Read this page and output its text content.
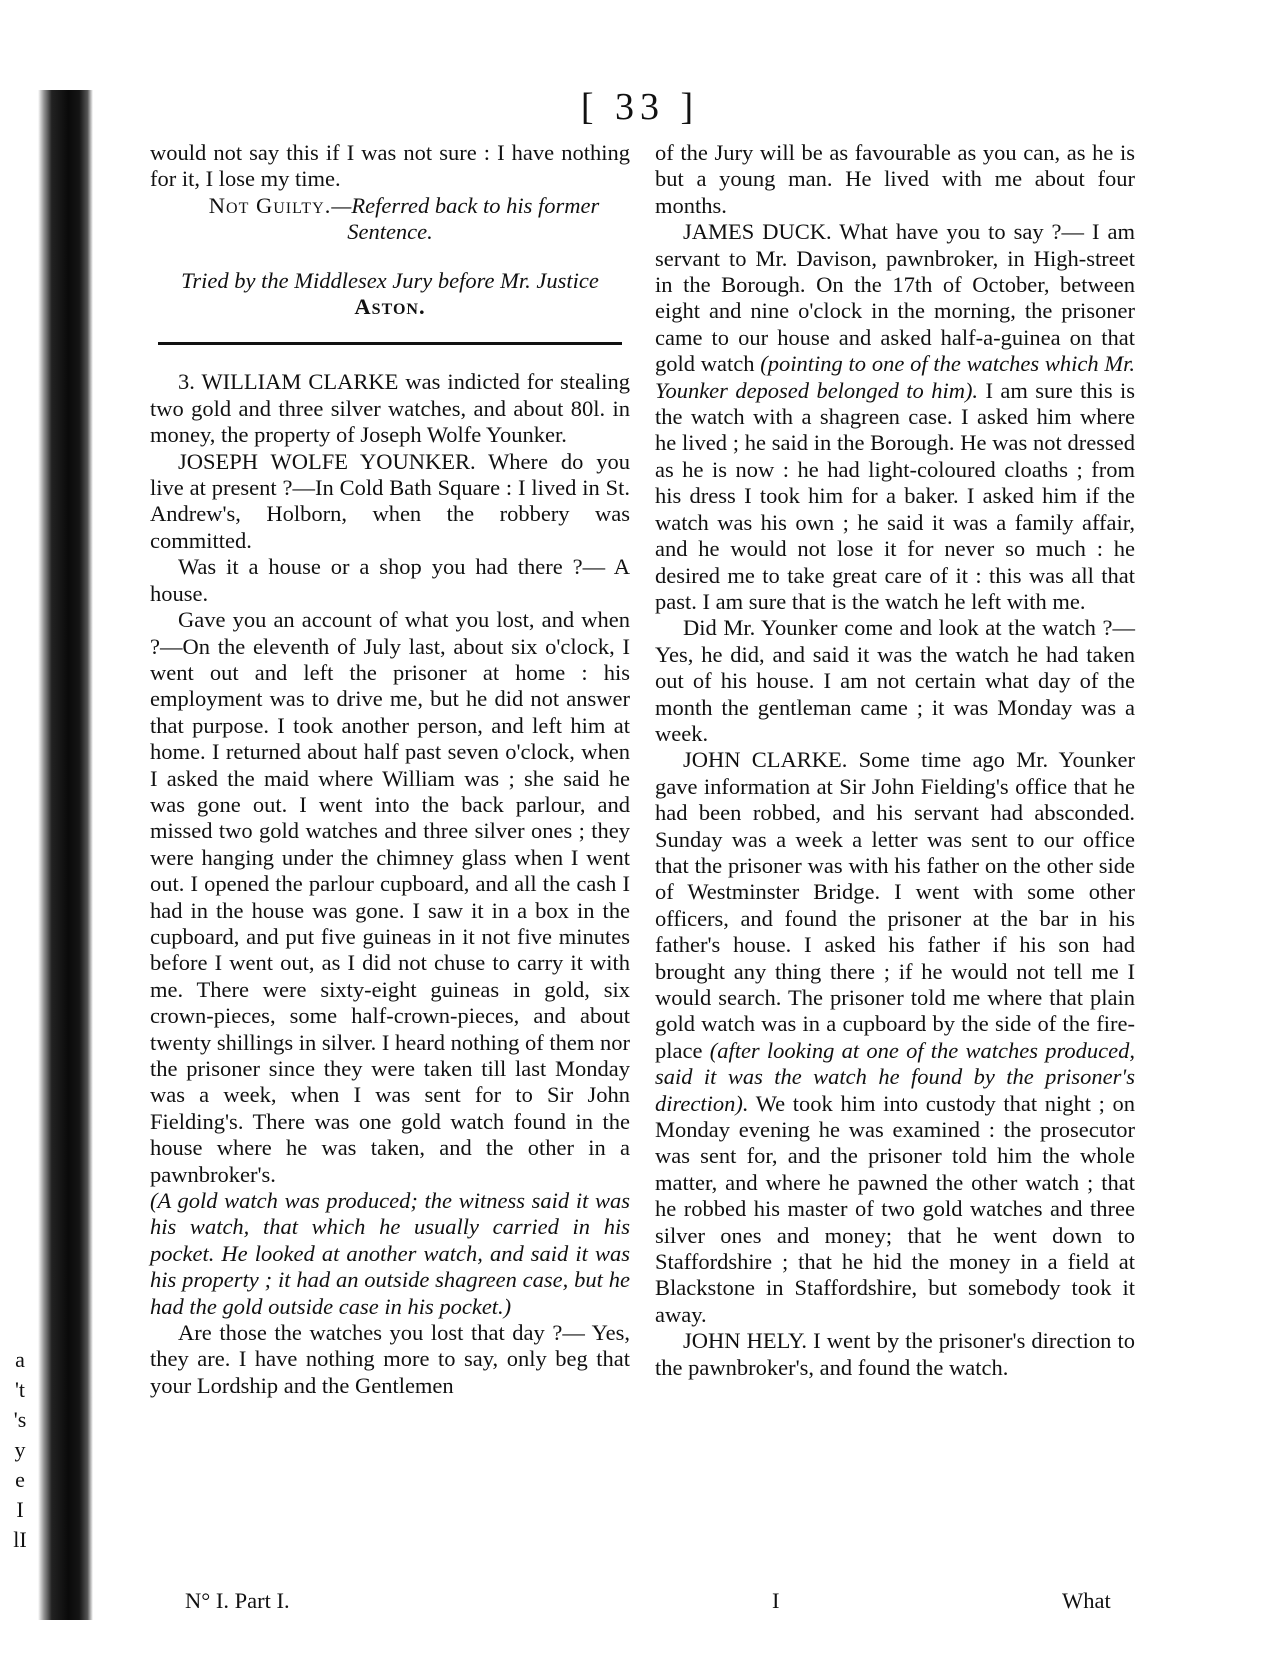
a
't
's
y
e
I
lI
[ 33 ]

would not say this if I was not sure : I have nothing for it, I lose my time.

Not Guilty.—Referred back to his former Sentence.

Tried by the Middlesex Jury before Mr. Justice
Aston.

3. WILLIAM CLARKE was indicted for stealing two gold and three silver watches, and about 80l. in money, the property of Joseph Wolfe Younker.

JOSEPH WOLFE YOUNKER. Where do you live at present ?—In Cold Bath Square : I lived in St. Andrew's, Holborn, when the robbery was committed.

Was it a house or a shop you had there ?— A house.

Gave you an account of what you lost, and when ?—On the eleventh of July last, about six o'clock, I went out and left the prisoner at home : his employment was to drive me, but he did not answer that purpose. I took another person, and left him at home. I returned about half past seven o'clock, when I asked the maid where William was ; she said he was gone out. I went into the back parlour, and missed two gold watches and three silver ones ; they were hanging under the chimney glass when I went out. I opened the parlour cupboard, and all the cash I had in the house was gone. I saw it in a box in the cupboard, and put five guineas in it not five minutes before I went out, as I did not chuse to carry it with me. There were sixty-eight guineas in gold, six crown-pieces, some half-crown-pieces, and about twenty shillings in silver. I heard nothing of them nor the prisoner since they were taken till last Monday was a week, when I was sent for to Sir John Fielding's. There was one gold watch found in the house where he was taken, and the other in a pawnbroker's.

(A gold watch was produced; the witness said it was his watch, that which he usually carried in his pocket. He looked at another watch, and said it was his property ; it had an outside shagreen case, but he had the gold outside case in his pocket.)

Are those the watches you lost that day ?— Yes, they are. I have nothing more to say, only beg that your Lordship and the Gentlemen

of the Jury will be as favourable as you can, as he is but a young man. He lived with me about four months.

JAMES DUCK. What have you to say ?— I am servant to Mr. Davison, pawnbroker, in High-street in the Borough. On the 17th of October, between eight and nine o'clock in the morning, the prisoner came to our house and asked half-a-guinea on that gold watch (pointing to one of the watches which Mr. Younker deposed belonged to him). I am sure this is the watch with a shagreen case. I asked him where he lived ; he said in the Borough. He was not dressed as he is now : he had light-coloured cloaths ; from his dress I took him for a baker. I asked him if the watch was his own ; he said it was a family affair, and he would not lose it for never so much : he desired me to take great care of it : this was all that past. I am sure that is the watch he left with me.

Did Mr. Younker come and look at the watch ?—Yes, he did, and said it was the watch he had taken out of his house. I am not certain what day of the month the gentleman came ; it was Monday was a week.

JOHN CLARKE. Some time ago Mr. Younker gave information at Sir John Fielding's office that he had been robbed, and his servant had absconded. Sunday was a week a letter was sent to our office that the prisoner was with his father on the other side of Westminster Bridge. I went with some other officers, and found the prisoner at the bar in his father's house. I asked his father if his son had brought any thing there ; if he would not tell me I would search. The prisoner told me where that plain gold watch was in a cupboard by the side of the fire-place (after looking at one of the watches produced, said it was the watch he found by the prisoner's direction). We took him into custody that night ; on Monday evening he was examined : the prosecutor was sent for, and the prisoner told him the whole matter, and where he pawned the other watch ; that he robbed his master of two gold watches and three silver ones and money; that he went down to Staffordshire ; that he hid the money in a field at Blackstone in Staffordshire, but somebody took it away.

JOHN HELY. I went by the prisoner's direction to the pawnbroker's, and found the watch.

N° I. Part I.	I	What
